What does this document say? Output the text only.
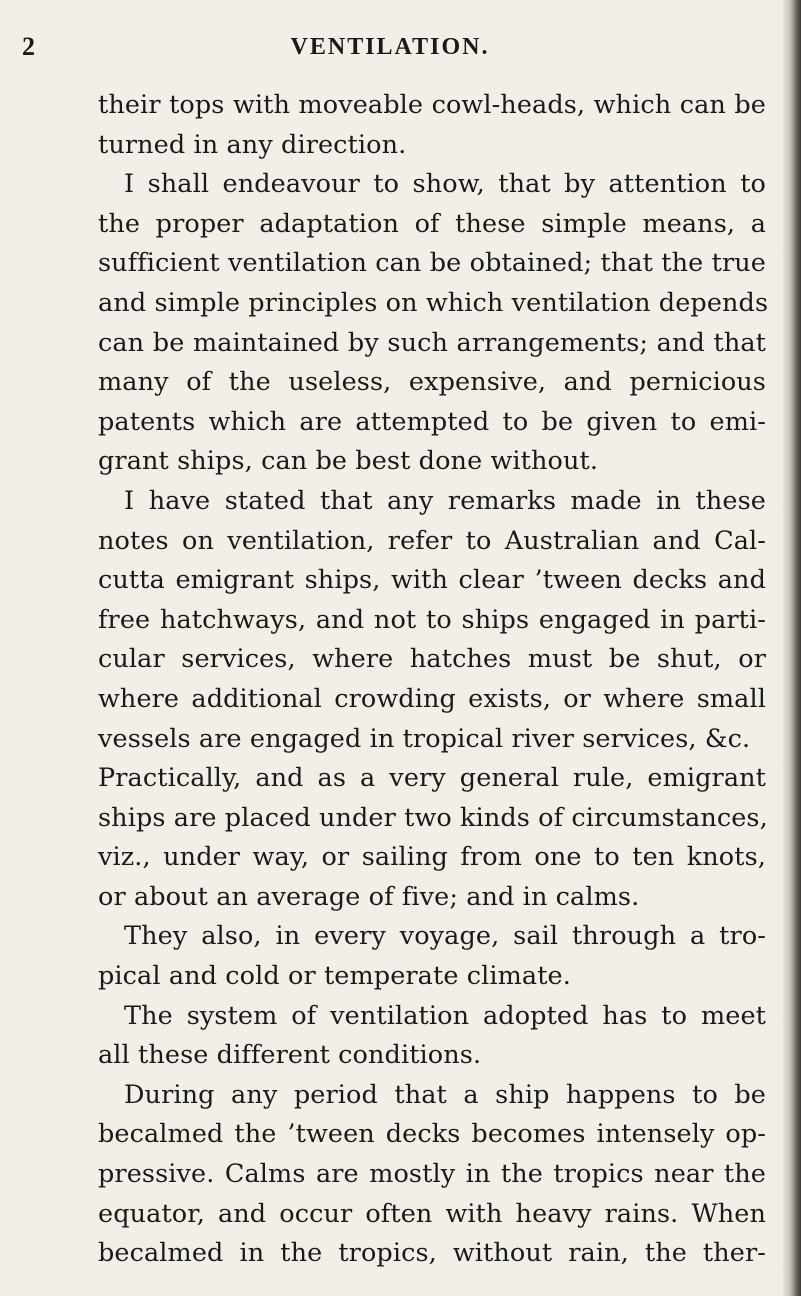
2	VENTILATION.
their tops with moveable cowl-heads, which can be
turned in any direction.
I shall endeavour to show, that by attention to
the proper adaptation of these simple means, a
sufficient ventilation can be obtained; that the true
and simple principles on which ventilation depends
can be maintained by such arrangements; and that
many of the useless, expensive, and pernicious
patents which are attempted to be given to emi-
grant ships, can be best done without.
I have stated that any remarks made in these
notes on ventilation, refer to Australian and Cal-
cutta emigrant ships, with clear ’tween decks and
free hatchways, and not to ships engaged in parti-
cular services, where hatches must be shut, or
where additional crowding exists, or where small
vessels are engaged in tropical river services, &c.
Practically, and as a very general rule, emigrant
ships are placed under two kinds of circumstances,
viz., under way, or sailing from one to ten knots,
or about an average of five; and in calms.
They also, in every voyage, sail through a tro-
pical and cold or temperate climate.
The system of ventilation adopted has to meet
all these different conditions.
During any period that a ship happens to be
becalmed the ’tween decks becomes intensely op-
pressive. Calms are mostly in the tropics near the
equator, and occur often with heavy rains. When
becalmed in the tropics, without rain, the ther-
